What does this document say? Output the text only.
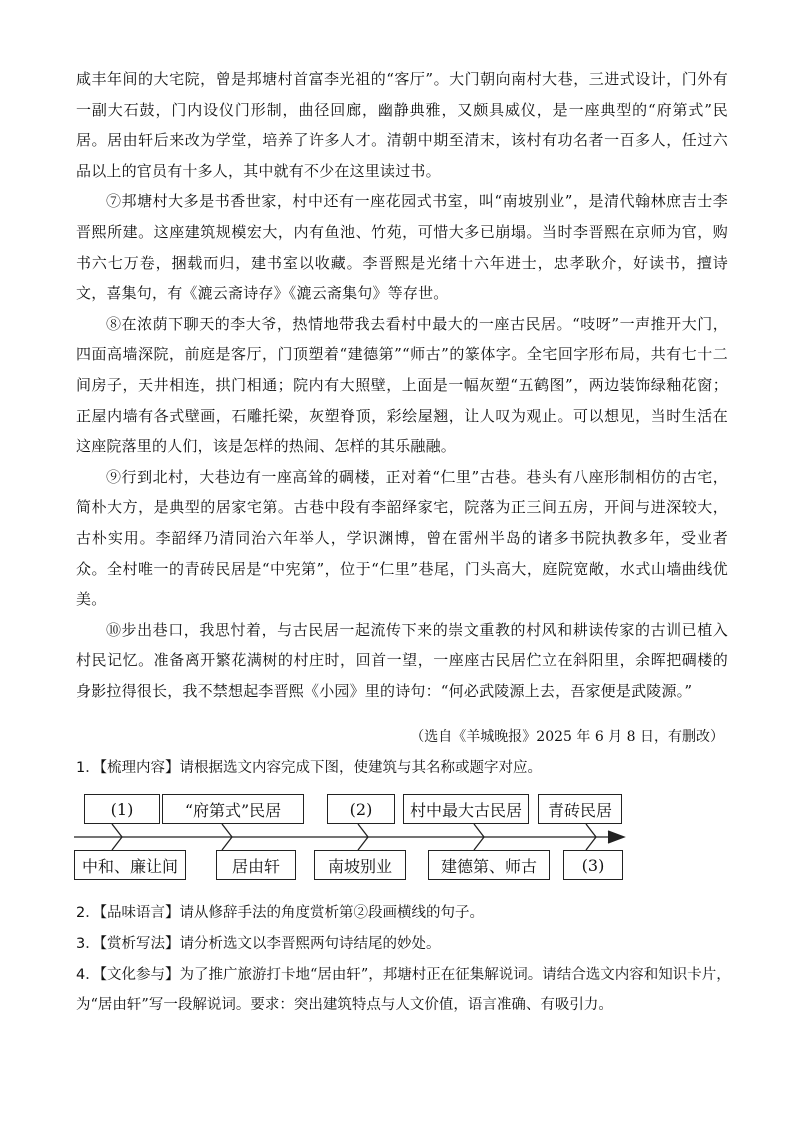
咸丰年间的大宅院，曾是邦塘村首富李光祖的“客厅”。大门朝向南村大巷，三进式设计，门外有一副大石鼓，门内设仪门形制，曲径回廊，幽静典雅，又颇具威仪，是一座典型的“府第式”民居。居由轩后来改为学堂，培养了许多人才。清朝中期至清末，该村有功名者一百多人，任过六品以上的官员有十多人，其中就有不少在这里读过书。

⑦邦塘村大多是书香世家，村中还有一座花园式书室，叫“南坡别业”，是清代翰林庶吉士李晋熙所建。这座建筑规模宏大，内有鱼池、竹苑，可惜大多已崩塌。当时李晋熙在京师为官，购书六七万卷，捆载而归，建书室以收藏。李晋熙是光绪十六年进士，忠孝耿介，好读书，擅诗文，喜集句，有《漉云斋诗存》《漉云斋集句》等存世。

⑧在浓荫下聊天的李大爷，热情地带我去看村中最大的一座古民居。“吱呀”一声推开大门，四面高墙深院，前庭是客厅，门顶塑着“建德第”“师古”的篆体字。全宅回字形布局，共有七十二间房子，天井相连，拱门相通；院内有大照壁，上面是一幅灰塑“五鹤图”，两边装饰绿釉花窗；正屋内墙有各式壁画，石雕托梁，灰塑脊顶，彩绘屋翘，让人叹为观止。可以想见，当时生活在这座院落里的人们，该是怎样的热闹、怎样的其乐融融。

⑨行到北村，大巷边有一座高耸的碉楼，正对着“仁里”古巷。巷头有八座形制相仿的古宅，简朴大方，是典型的居家宅第。古巷中段有李韶绎家宅，院落为正三间五房，开间与进深较大，古朴实用。李韶绎乃清同治六年举人，学识渊博，曾在雷州半岛的诸多书院执教多年，受业者众。全村唯一的青砖民居是“中宪第”，位于“仁里”巷尾，门头高大，庭院宽敞，水式山墙曲线优美。

⑩步出巷口，我思忖着，与古民居一起流传下来的崇文重教的村风和耕读传家的古训已植入村民记忆。准备离开繁花满树的村庄时，回首一望，一座座古民居伫立在斜阳里，余晖把碉楼的身影拉得很长，我不禁想起李晋熙《小园》里的诗句：“何必武陵源上去，吾家便是武陵源。”

（选自《羊城晚报》2025 年 6 月 8 日，有删改）

1．【梳理内容】请根据选文内容完成下图，使建筑与其名称或题字对应。

(1)	“府第式”民居	(2)	村中最大古民居	青砖民居
中和、廉让间	居由轩	南坡别业	建德第、师古	(3)

2．【品味语言】请从修辞手法的角度赏析第②段画横线的句子。

3．【赏析写法】请分析选文以李晋熙两句诗结尾的妙处。

4．【文化参与】为了推广旅游打卡地“居由轩”，邦塘村正在征集解说词。请结合选文内容和知识卡片，为“居由轩”写一段解说词。要求：突出建筑特点与人文价值，语言准确、有吸引力。
